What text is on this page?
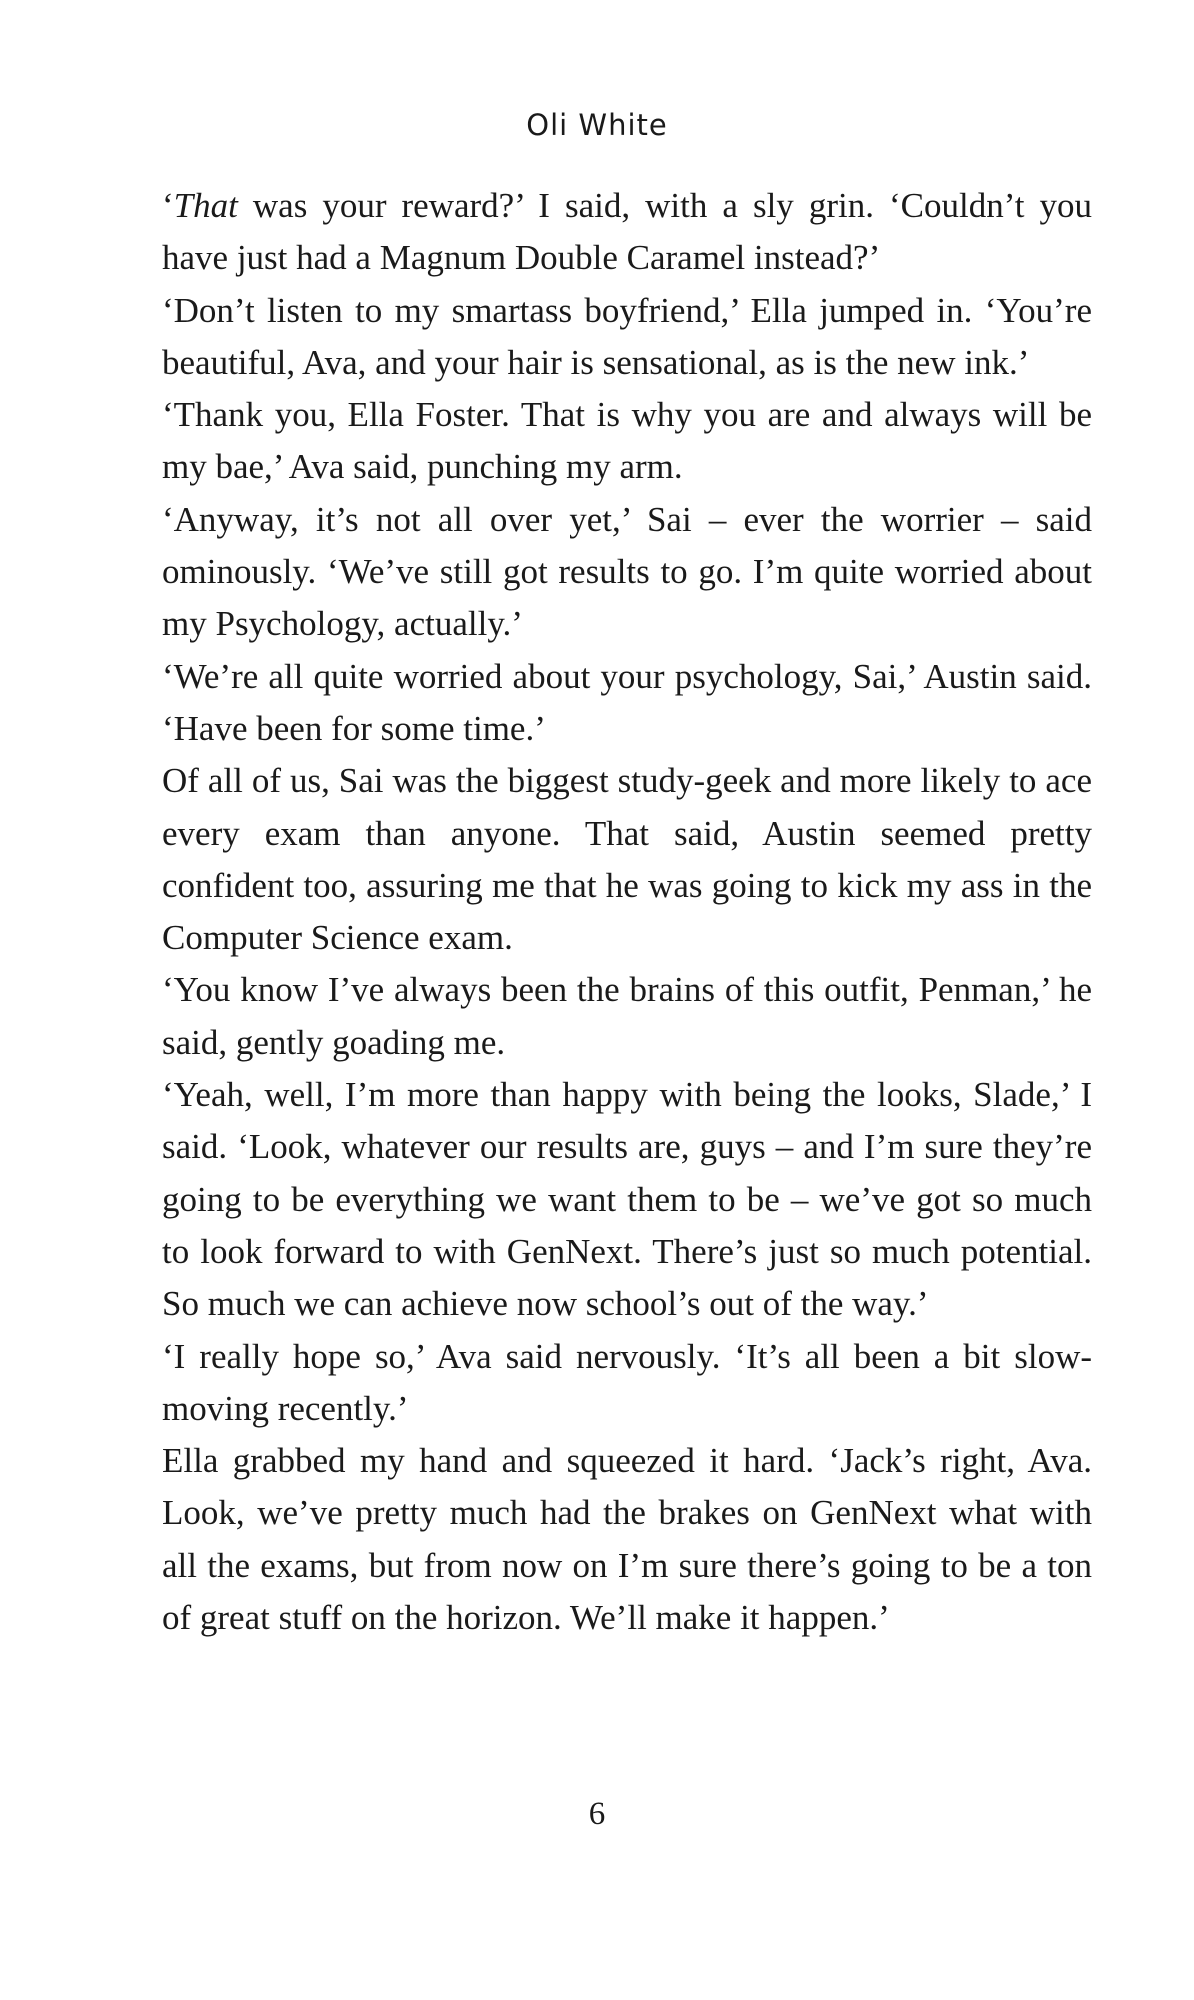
Oli White

‘That was your reward?’ I said, with a sly grin. ‘Couldn’t you have just had a Magnum Double Caramel instead?’

‘Don’t listen to my smartass boyfriend,’ Ella jumped in. ‘You’re beautiful, Ava, and your hair is sensational, as is the new ink.’

‘Thank you, Ella Foster. That is why you are and always will be my bae,’ Ava said, punching my arm.

‘Anyway, it’s not all over yet,’ Sai – ever the worrier – said ominously. ‘We’ve still got results to go. I’m quite worried about my Psychology, actually.’

‘We’re all quite worried about your psychology, Sai,’ Austin said. ‘Have been for some time.’

Of all of us, Sai was the biggest study-geek and more likely to ace every exam than anyone. That said, Austin seemed pretty confident too, assuring me that he was going to kick my ass in the Computer Science exam.

‘You know I’ve always been the brains of this outfit, Penman,’ he said, gently goading me.

‘Yeah, well, I’m more than happy with being the looks, Slade,’ I said. ‘Look, whatever our results are, guys – and I’m sure they’re going to be everything we want them to be – we’ve got so much to look forward to with GenNext. There’s just so much potential. So much we can achieve now school’s out of the way.’

‘I really hope so,’ Ava said nervously. ‘It’s all been a bit slow-moving recently.’

Ella grabbed my hand and squeezed it hard. ‘Jack’s right, Ava. Look, we’ve pretty much had the brakes on GenNext what with all the exams, but from now on I’m sure there’s going to be a ton of great stuff on the horizon. We’ll make it happen.’

6
